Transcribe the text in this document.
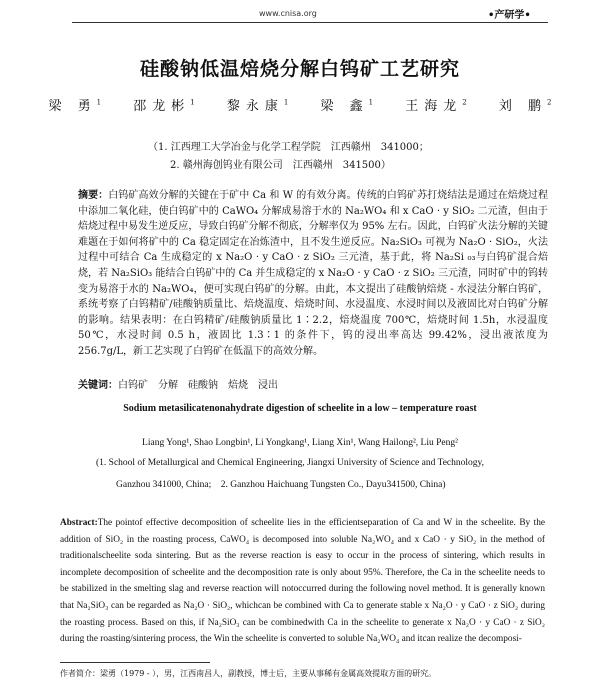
www.cnisa.org	•产研学•
硅酸钠低温焙烧分解白钨矿工艺研究
梁 勇$^1$ 邵龙彬$^1$ 黎永康$^1$ 梁 鑫$^1$ 王海龙$^2$ 刘 鹏$^2$
（1. 江西理工大学冶金与化学工程学院　江西赣州　341000；
2. 赣州海创钨业有限公司　江西赣州　341500）
摘要：白钨矿高效分解的关键在于矿中 Ca 和 W 的有效分离。传统的白钨矿苏打烧结法是通过在焙烧过程中添加二氧化硅，使白钨矿中的 CaWO₄ 分解成易溶于水的 Na₂WO₄ 和 x CaO · y SiO₂ 二元渣，但由于焙烧过程中易发生逆反应，导致白钨矿分解不彻底，分解率仅为 95% 左右。因此，白钨矿火法分解的关键难题在于如何将矿中的 Ca 稳定固定在冶炼渣中，且不发生逆反应。Na₂SiO₃ 可视为 Na₂O · SiO₂，火法过程中可结合 Ca 生成稳定的 x Na₂O · y CaO · z SiO₂ 三元渣，基于此，将 Na₂Si ₀₃与白钨矿混合焙烧，若 Na₂SiO₃ 能结合白钨矿中的 Ca 并生成稳定的 x Na₂O · y CaO · z SiO₂ 三元渣，同时矿中的钨转变为易溶于水的 Na₂WO₄，便可实现白钨矿的分解。由此，本文提出了硅酸钠焙烧 - 水浸法分解白钨矿，系统考察了白钨精矿/硅酸钠质量比、焙烧温度、焙烧时间、水浸温度、水浸时间以及液固比对白钨矿分解的影响。结果表明：在白钨精矿/硅酸钠质量比 1∶2.2，焙烧温度 700℃，焙烧时间 1.5h，水浸温度 50℃，水浸时间 0.5 h，液固比 1.3∶1 的条件下，钨的浸出率高达 99.42%，浸出液浓度为 256.7g/L，新工艺实现了白钨矿在低温下的高效分解。
关键词：白钨矿　分解　硅酸钠　焙烧　浸出
Sodium metasilicatenonahydrate digestion of scheelite in a low – temperature roast
Liang Yong¹, Shao Longbin¹, Li Yongkang¹, Liang Xin¹, Wang Hailong², Liu Peng²
(1. School of Metallurgical and Chemical Engineering, Jiangxi University of Science and Technology,
Ganzhou 341000, China;　2. Ganzhou Haichuang Tungsten Co., Dayu341500, China)
Abstract:The pointof effective decomposition of scheelite lies in the efficientseparation of Ca and W in the scheelite. By the addition of SiO₂ in the roasting process, CaWO₄ is decomposed into soluble Na₂WO₄ and x CaO · y SiO₂ in the method of traditionalscheelite soda sintering. But as the reverse reaction is easy to occur in the process of sintering, which results in incomplete decomposition of scheelite and the decomposition rate is only about 95%. Therefore, the Ca in the scheelite needs to be stabilized in the smelting slag and reverse reaction will notoccurred during the following novel method. It is generally known that Na₂SiO₃ can be regarded as Na₂O · SiO₂, whichcan be combined with Ca to generate stable x Na₂O · y CaO · z SiO₂ during the roasting process. Based on this, if Na₂SiO₃ can be combinedwith Ca in the scheelite to generate x Na₂O · y CaO · z SiO₂ during the roasting/sintering process, the Win the scheelite is converted to soluble Na₂WO₄ and itcan realize the decomposi-
作者简介：梁勇（1979 - ），男，江西南昌人，副教授，博士后，主要从事稀有金属高效提取方面的研究。
